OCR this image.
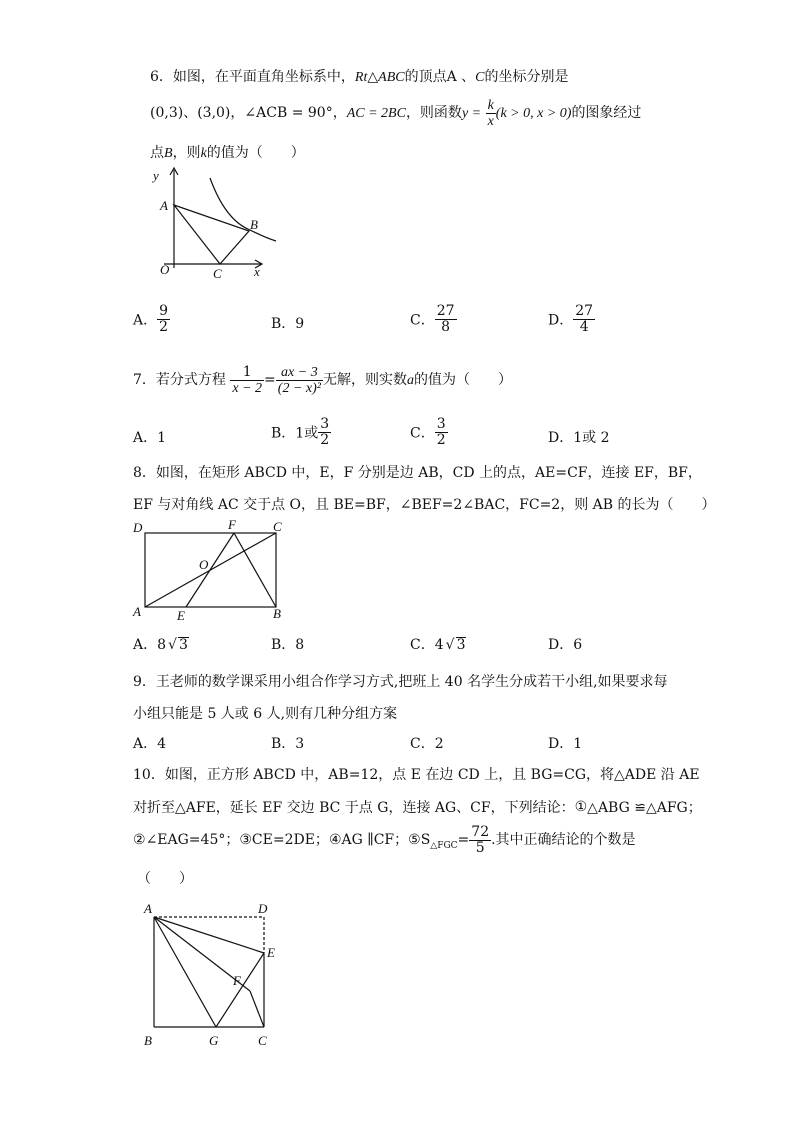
6．如图，在平面直角坐标系中，Rt△ABC的顶点A 、C的坐标分别是
(0,3)、(3,0)，∠ACB = 90°，AC = 2BC，则函数$y = \frac{k}{x} (k > 0$, x > 0)的图象经过
点B，则k的值为（　　）
y
A
B
C
O	x
A． $\frac{9}{2}$	B．9	C． $\frac{27}{8}$	D． $\frac{27}{4}$
7．若分式方程 $\frac{1}{x - 2} = \frac{ax - 3}{\text{(2 − x)²}}$ 无解，则实数a的值为（　　）
A．1	B．1或 $\frac{3}{2}$	C． $\frac{3}{2}$	D．1或 2
8．如图，在矩形 ABCD 中，E，F 分别是边 AB，CD 上的点，AE=CF，连接 EF，BF，
EF 与对角线 AC 交于点 O，且 BE=BF，∠BEF=2∠BAC，FC=2，则 AB 的长为（　　）
D	F	C
O
A	E	B
A．8 √ 3	B．8	C．4 √ 3	D．6
9．王老师的数学课采用小组合作学习方式,把班上 40 名学生分成若干小组,如果要求每
小组只能是 5 人或 6 人,则有几种分组方案
A．4	B．3	C．2	D．1
10．如图，正方形 ABCD 中，AB=12，点 E 在边 CD 上，且 BG=CG，将△ADE 沿 AE
对折至△AFE，延长 EF 交边 BC 于点 G，连接 AG、CF，下列结论：①△ABG ≌△AFG；
②∠EAG=45°；③CE=2DE；④AG ∥CF；$⑤S_{\triangle FGC}= \frac{72}{5}$ .其中正确结论的个数是
（　　）
A	D
E
F
B	G	C
